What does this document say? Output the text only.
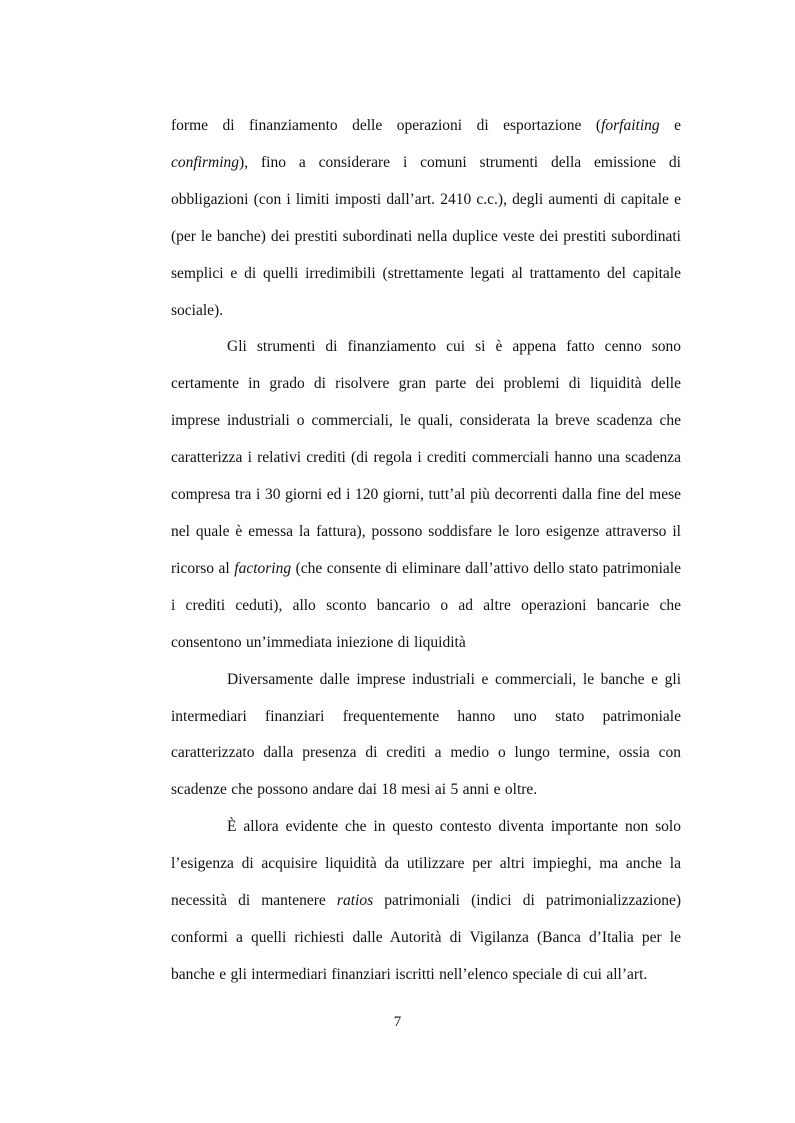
forme di finanziamento delle operazioni di esportazione (forfaiting e confirming), fino a considerare i comuni strumenti della emissione di obbligazioni (con i limiti imposti dall’art. 2410 c.c.), degli aumenti di capitale e (per le banche) dei prestiti subordinati nella duplice veste dei prestiti subordinati semplici e di quelli irredimibili (strettamente legati al trattamento del capitale sociale).

Gli strumenti di finanziamento cui si è appena fatto cenno sono certamente in grado di risolvere gran parte dei problemi di liquidità delle imprese industriali o commerciali, le quali, considerata la breve scadenza che caratterizza i relativi crediti (di regola i crediti commerciali hanno una scadenza compresa tra i 30 giorni ed i 120 giorni, tutt’al più decorrenti dalla fine del mese nel quale è emessa la fattura), possono soddisfare le loro esigenze attraverso il ricorso al factoring (che consente di eliminare dall’attivo dello stato patrimoniale i crediti ceduti), allo sconto bancario o ad altre operazioni bancarie che consentono un’immediata iniezione di liquidità

Diversamente dalle imprese industriali e commerciali, le banche e gli intermediari finanziari frequentemente hanno uno stato patrimoniale caratterizzato dalla presenza di crediti a medio o lungo termine, ossia con scadenze che possono andare dai 18 mesi ai 5 anni e oltre.

È allora evidente che in questo contesto diventa importante non solo l’esigenza di acquisire liquidità da utilizzare per altri impieghi, ma anche la necessità di mantenere ratios patrimoniali (indici di patrimonializzazione) conformi a quelli richiesti dalle Autorità di Vigilanza (Banca d’Italia per le banche e gli intermediari finanziari iscritti nell’elenco speciale di cui all’art.

7
